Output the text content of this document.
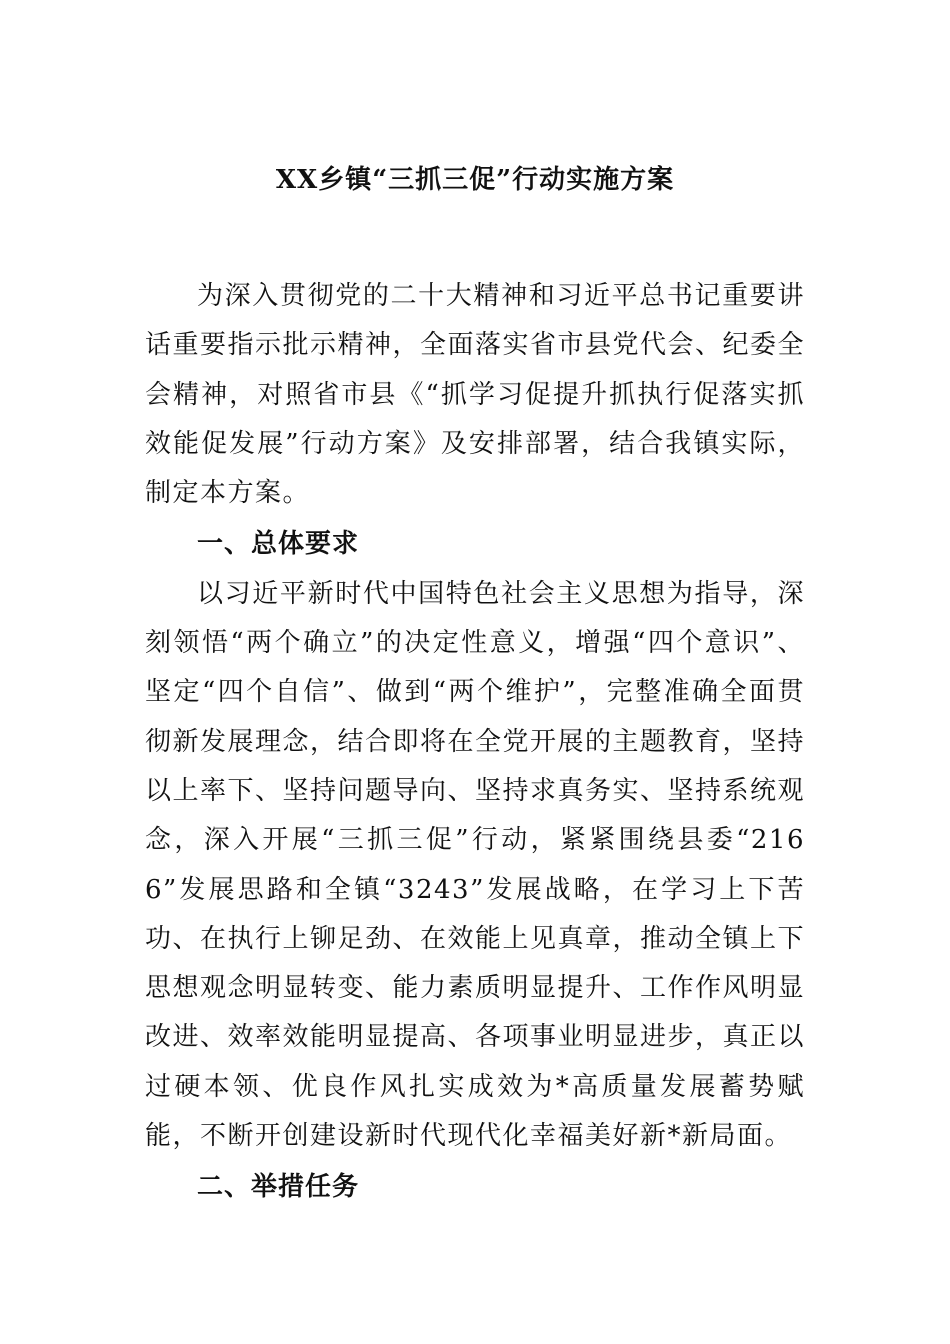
XX乡镇“三抓三促”行动实施方案

为深入贯彻党的二十大精神和习近平总书记重要讲话重要指示批示精神，全面落实省市县党代会、纪委全会精神，对照省市县《“抓学习促提升抓执行促落实抓效能促发展”行动方案》及安排部署，结合我镇实际，制定本方案。

一、总体要求

以习近平新时代中国特色社会主义思想为指导，深刻领悟“两个确立”的决定性意义，增强“四个意识”、坚定“四个自信”、做到“两个维护”，完整准确全面贯彻新发展理念，结合即将在全党开展的主题教育，坚持以上率下、坚持问题导向、坚持求真务实、坚持系统观念，深入开展“三抓三促”行动，紧紧围绕县委“2166”发展思路和全镇“3243”发展战略，在学习上下苦功、在执行上铆足劲、在效能上见真章，推动全镇上下思想观念明显转变、能力素质明显提升、工作作风明显改进、效率效能明显提高、各项事业明显进步，真正以过硬本领、优良作风扎实成效为*高质量发展蓄势赋能，不断开创建设新时代现代化幸福美好新*新局面。

二、举措任务
